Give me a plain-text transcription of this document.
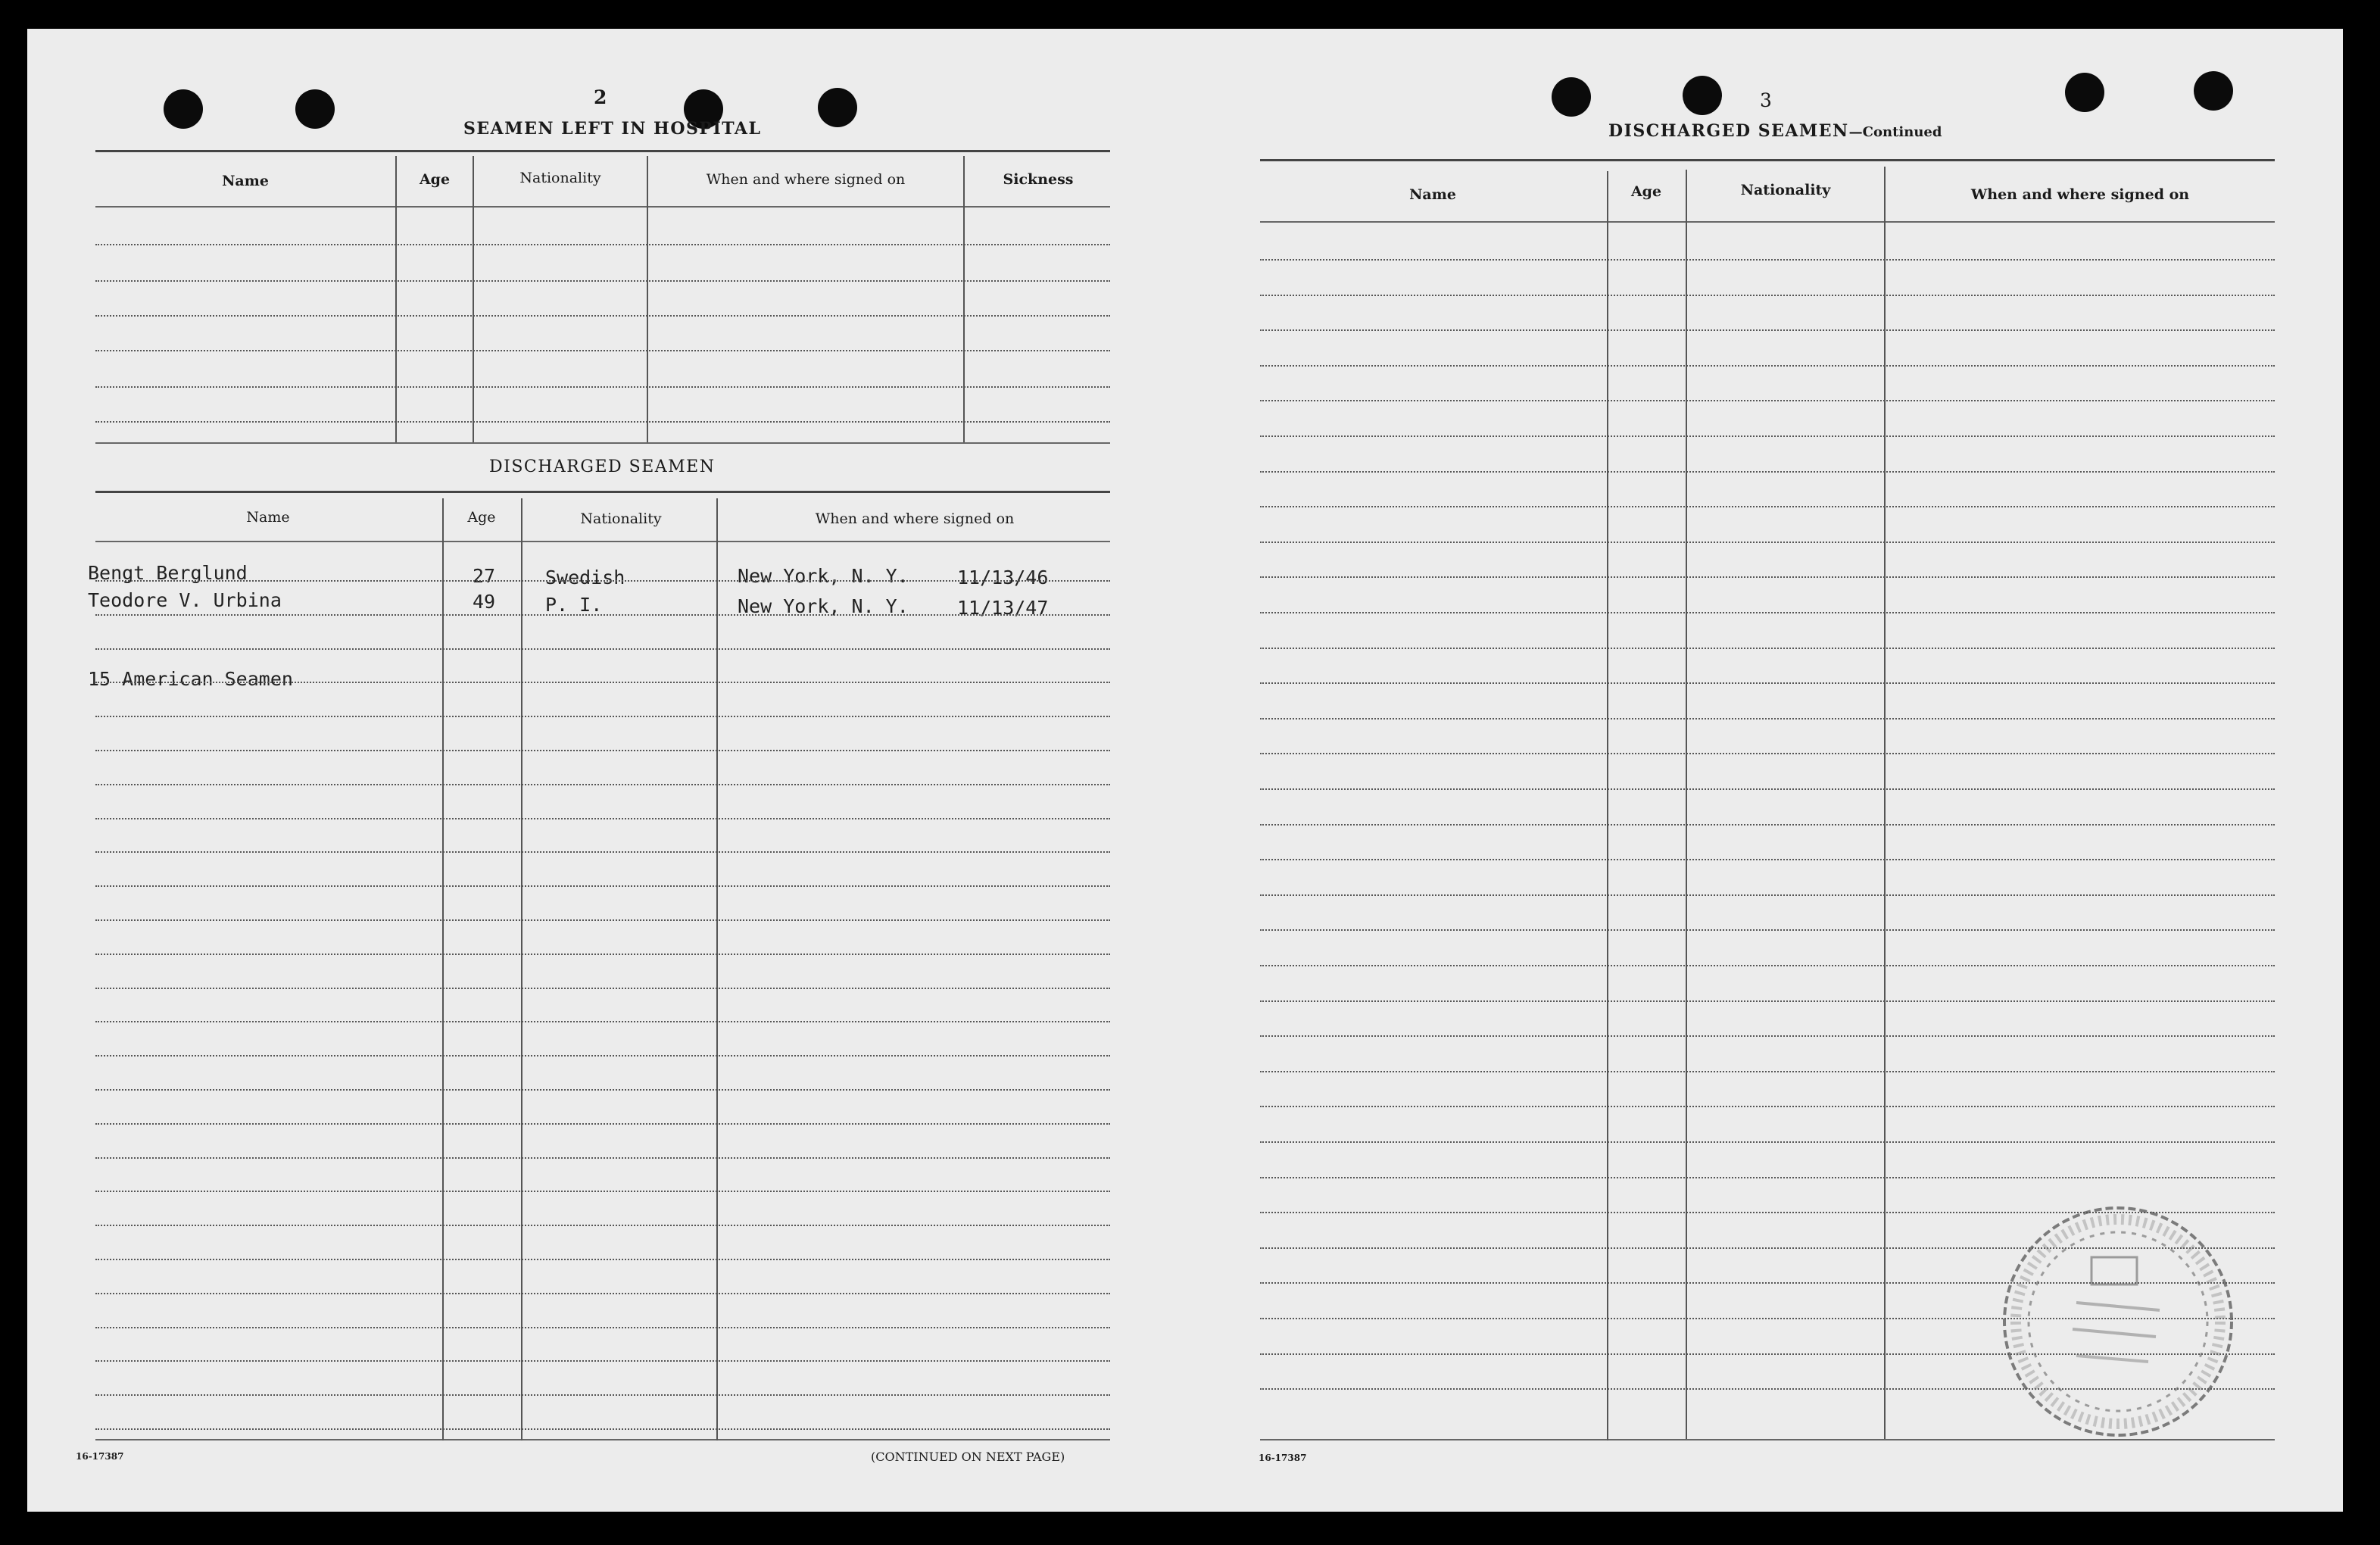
2
SEAMEN LEFT IN HOSPITAL
Name	Age	Nationality	When and where signed on	Sickness
DISCHARGED SEAMEN
Name	Age	Nationality	When and where signed on
Bengt Berglund	27	Swedish	New York, N. Y.	11/13/46
Teodore V. Urbina	49	P. I.	New York, N. Y.	11/13/47
15 American Seamen
16-17387	(CONTINUED ON NEXT PAGE)
3
DISCHARGED SEAMEN—Continued
Name	Age	Nationality	When and where signed on
16-17387
